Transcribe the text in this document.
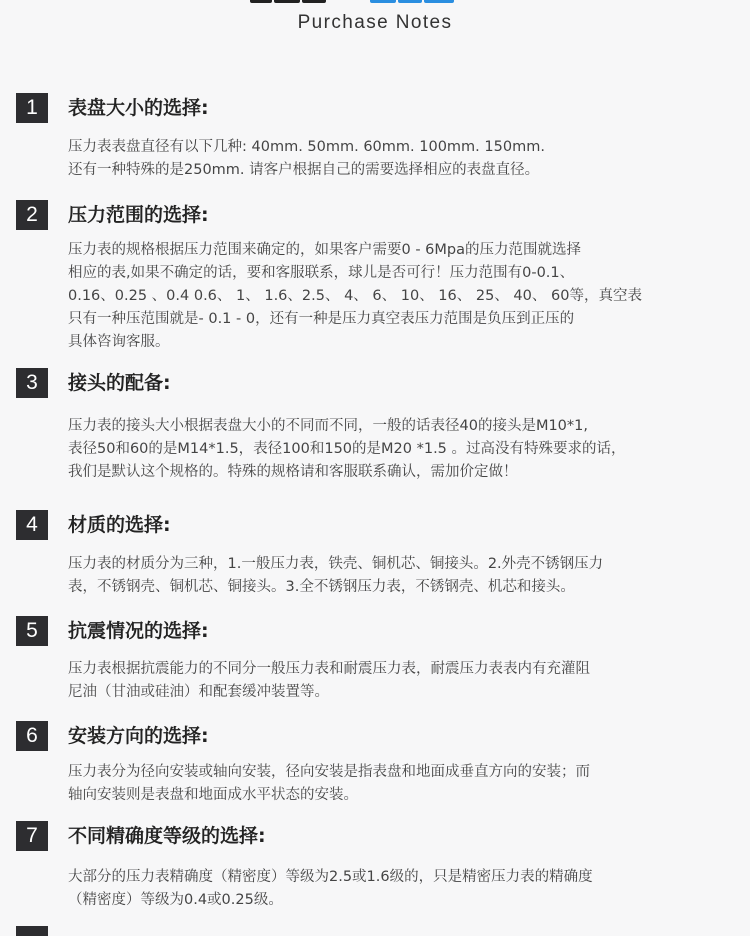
Purchase Notes
1	表盘大小的选择:
压力表表盘直径有以下几种: 40mm. 50mm. 60mm. 100mm. 150mm.
还有一种特殊的是250mm. 请客户根据自己的需要选择相应的表盘直径。
2	压力范围的选择:
压力表的规格根据压力范围来确定的，如果客户需要0 - 6Mpa的压力范围就选择
相应的表,如果不确定的话，要和客服联系，球儿是否可行！压力范围有0-0.1、
0.16、0.25 、0.4 0.6、 1、 1.6、2.5、 4、 6、 10、 16、 25、 40、 60等，真空表
只有一种压范围就是- 0.1 - 0，还有一种是压力真空表压力范围是负压到正压的
具体咨询客服。
3	接头的配备:
压力表的接头大小根据表盘大小的不同而不同，一般的话表径40的接头是M10*1,
表径50和60的是M14*1.5，表径100和150的是M20 *1.5 。过高没有特殊要求的话，
我们是默认这个规格的。特殊的规格请和客服联系确认，需加价定做！
4	材质的选择:
压力表的材质分为三种，1.一般压力表，铁壳、铜机芯、铜接头。2.外壳不锈钢压力
表，不锈钢壳、铜机芯、铜接头。3.全不锈钢压力表，不锈钢壳、机芯和接头。
5	抗震情况的选择:
压力表根据抗震能力的不同分一般压力表和耐震压力表，耐震压力表表内有充灌阻
尼油（甘油或硅油）和配套缓冲装置等。
6	安装方向的选择:
压力表分为径向安装或轴向安装，径向安装是指表盘和地面成垂直方向的安装；而
轴向安装则是表盘和地面成水平状态的安装。
7	不同精确度等级的选择:
大部分的压力表精确度（精密度）等级为2.5或1.6级的，只是精密压力表的精确度
（精密度）等级为0.4或0.25级。
